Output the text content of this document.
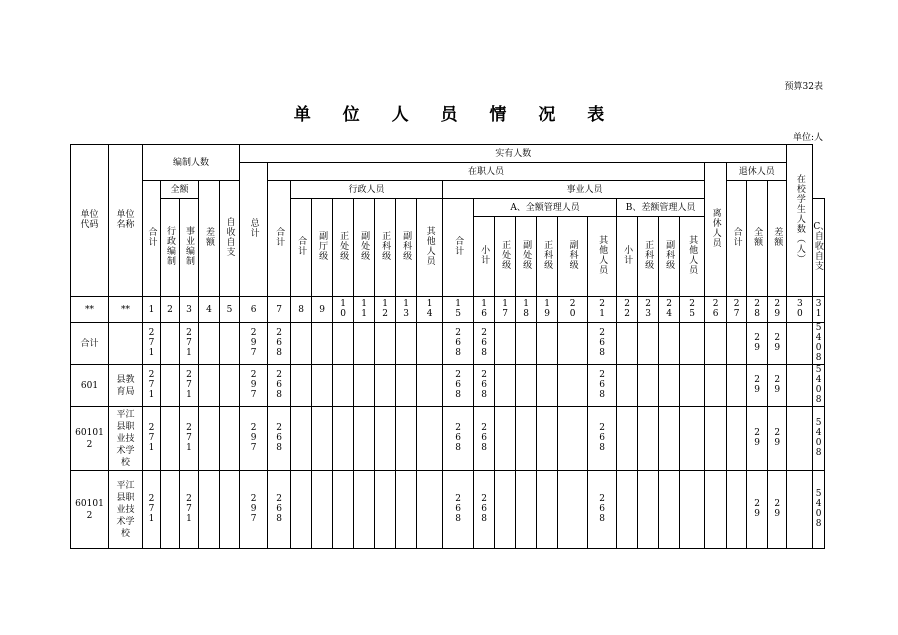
预算32表
单 位 人 员 情 况 表
单位:人
单位代码	单位名称	编制人数					实有人数																								在校学生人数（人）	
							总计	在职人员																			离休人员	退休人员				
		合计	全额		差额	自收自支		合计	行政人员							事业人员												合计	全额	差额		
			行政编制	事业编制					合计	副厅级	正处级	副处级	正科级	副科级	其他人员	合计	A、全额管理人员						B、差额管理人员									C、自收自支
																	小计	正处级	副处级	正科级	副科级	其他人员	小计	正科级	副科级	其他人员						
**	**	1	2	3	4	5	6	7	8	9	10	11	12	13	14	15	16	17	18	19	20	21	22	23	24	25	26	27	28	29	30	31
合计		271		271			297	268								268	268					268							29	29		5408
601	县教育局	271		271			297	268								268	268					268							29	29		5408
601012	平江县职业技术学校	271		271			297	268								268	268					268							29	29		5408
601012	平江县职业技术学校	271		271			297	268								268	268					268							29	29		5408
